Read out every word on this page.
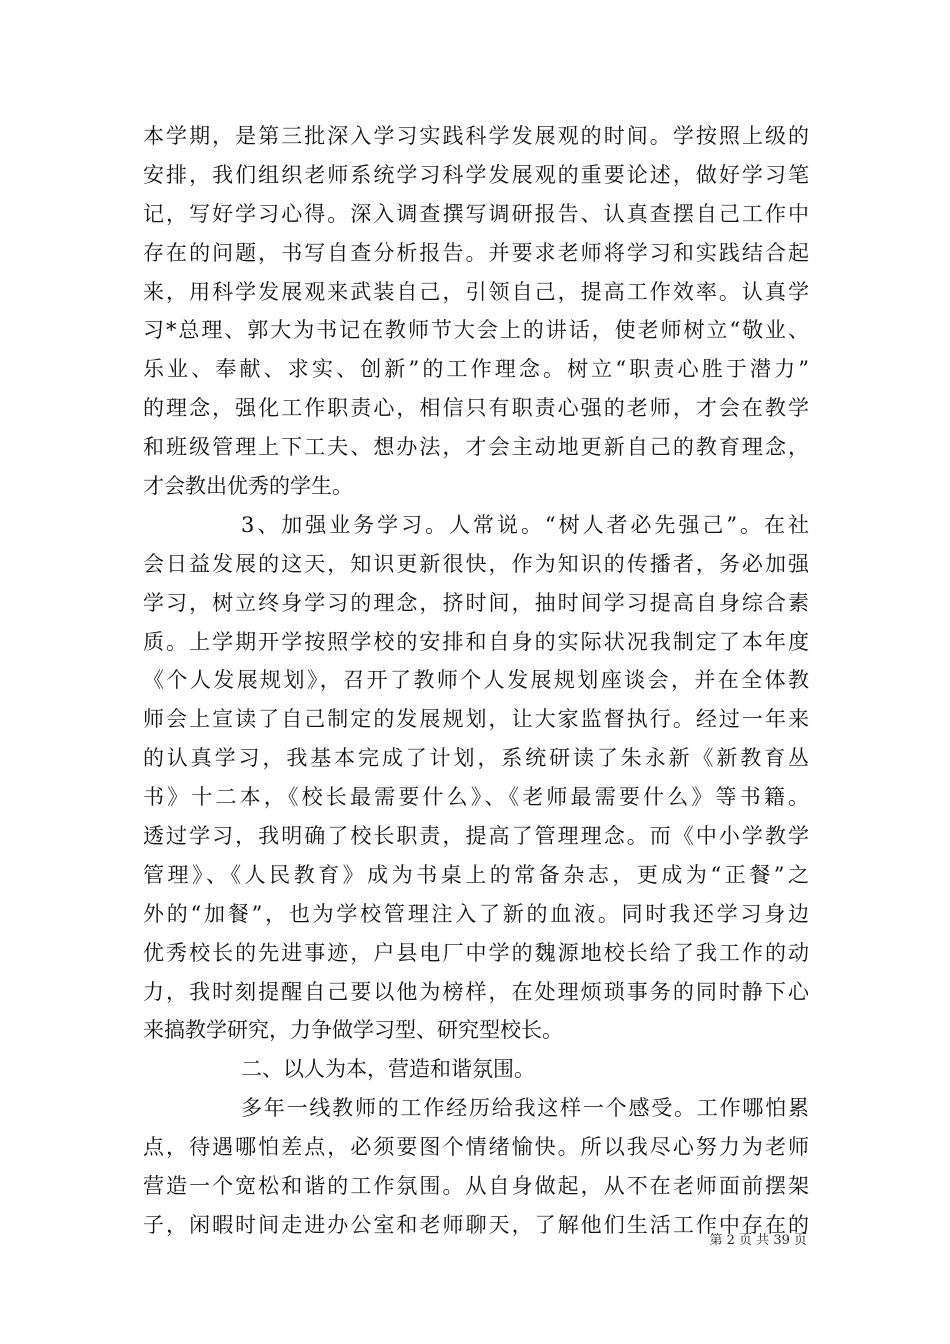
本学期，是第三批深入学习实践科学发展观的时间。学按照上级的
安排，我们组织老师系统学习科学发展观的重要论述，做好学习笔
记，写好学习心得。深入调查撰写调研报告、认真查摆自己工作中
存在的问题，书写自查分析报告。并要求老师将学习和实践结合起
来，用科学发展观来武装自己，引领自己，提高工作效率。认真学
习*总理、郭大为书记在教师节大会上的讲话，使老师树立“敬业、
乐业、奉献、求实、创新”的工作理念。树立“职责心胜于潜力”
的理念，强化工作职责心，相信只有职责心强的老师，才会在教学
和班级管理上下工夫、想办法，才会主动地更新自己的教育理念，
才会教出优秀的学生。
3、加强业务学习。人常说。“树人者必先强己”。在社
会日益发展的这天，知识更新很快，作为知识的传播者，务必加强
学习，树立终身学习的理念，挤时间，抽时间学习提高自身综合素
质。上学期开学按照学校的安排和自身的实际状况我制定了本年度
《个人发展规划》，召开了教师个人发展规划座谈会，并在全体教
师会上宣读了自己制定的发展规划，让大家监督执行。经过一年来
的认真学习，我基本完成了计划，系统研读了朱永新《新教育丛
书》十二本，《校长最需要什么》、《老师最需要什么》等书籍。
透过学习，我明确了校长职责，提高了管理理念。而《中小学教学
管理》、《人民教育》成为书桌上的常备杂志，更成为“正餐”之
外的“加餐”，也为学校管理注入了新的血液。同时我还学习身边
优秀校长的先进事迹，户县电厂中学的魏源地校长给了我工作的动
力，我时刻提醒自己要以他为榜样，在处理烦琐事务的同时静下心
来搞教学研究，力争做学习型、研究型校长。
二、以人为本，营造和谐氛围。
多年一线教师的工作经历给我这样一个感受。工作哪怕累
点，待遇哪怕差点，必须要图个情绪愉快。所以我尽心努力为老师
营造一个宽松和谐的工作氛围。从自身做起，从不在老师面前摆架
子，闲暇时间走进办公室和老师聊天，了解他们生活工作中存在的
第 2 页 共 39 页
